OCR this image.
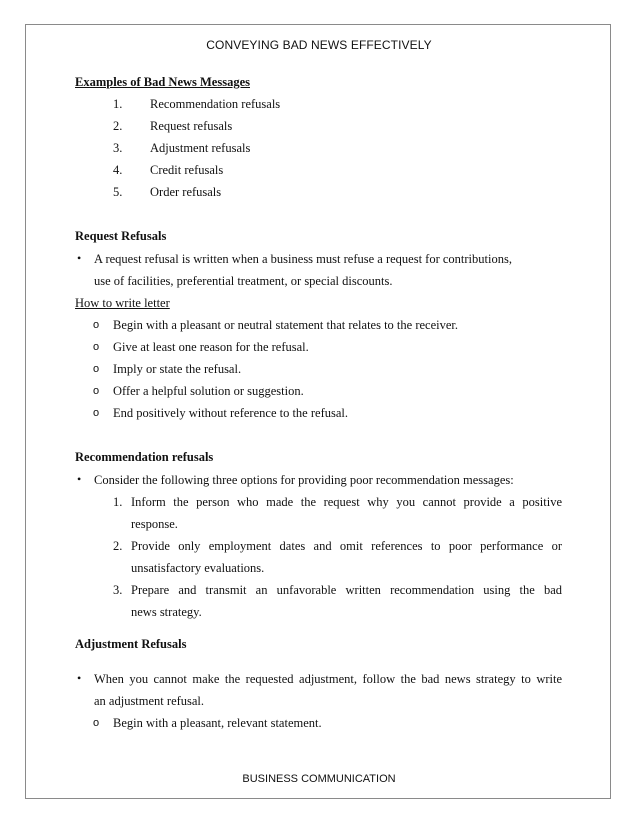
CONVEYING BAD NEWS EFFECTIVELY
Examples of Bad News Messages
1. Recommendation refusals
2. Request refusals
3. Adjustment refusals
4. Credit refusals
5. Order refusals
Request Refusals
• A request refusal is written when a business must refuse a request for contributions,
use of facilities, preferential treatment, or special discounts.
How to write letter
o Begin with a pleasant or neutral statement that relates to the receiver.
o Give at least one reason for the refusal.
o Imply or state the refusal.
o Offer a helpful solution or suggestion.
o End positively without reference to the refusal.
Recommendation refusals
• Consider the following three options for providing poor recommendation messages:
1. Inform the person who made the request why you cannot provide a positive
response.
2. Provide only employment dates and omit references to poor performance or
unsatisfactory evaluations.
3. Prepare and transmit an unfavorable written recommendation using the bad
news strategy.
Adjustment Refusals
• When you cannot make the requested adjustment, follow the bad news strategy to write
an adjustment refusal.
o Begin with a pleasant, relevant statement.
BUSINESS COMMUNICATION
